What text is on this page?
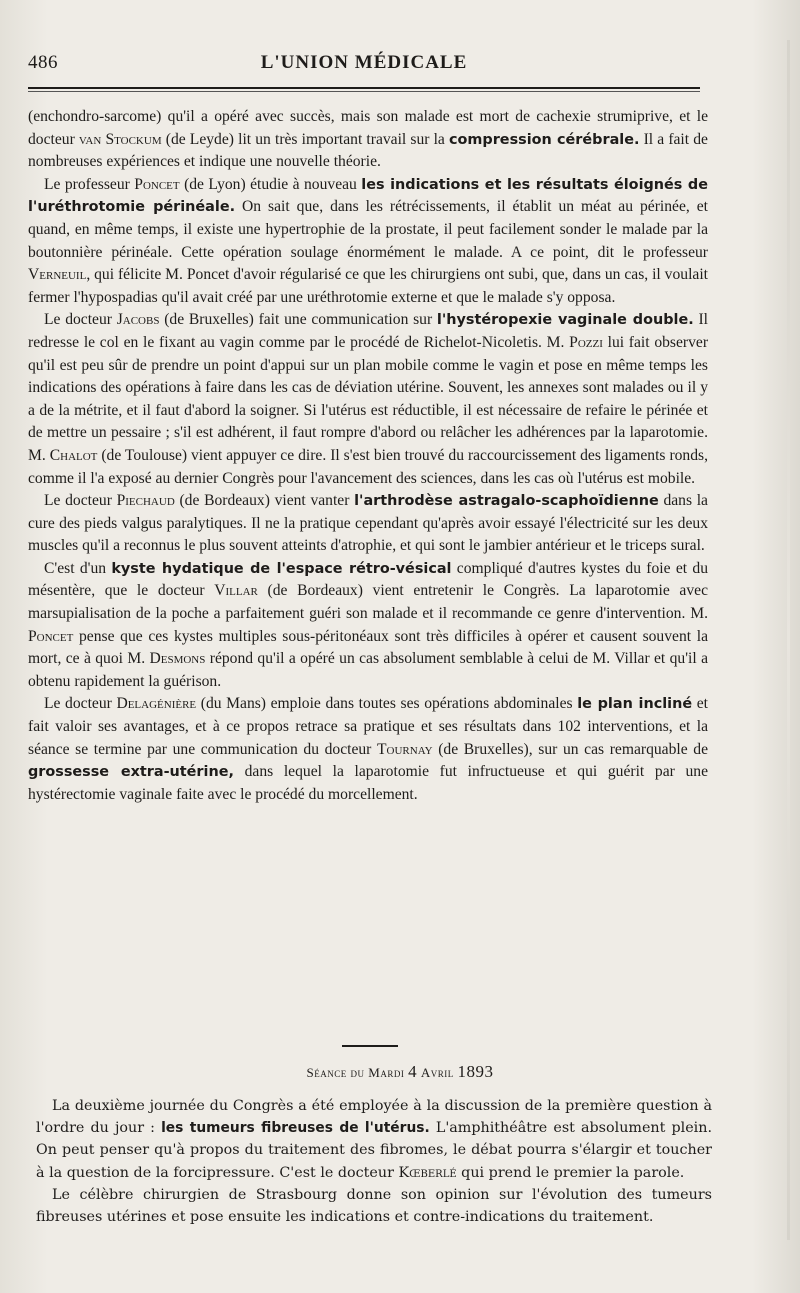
486	L'UNION MÉDICALE

(enchondro-sarcome) qu'il a opéré avec succès, mais son malade est mort de cachexie strumiprive, et le docteur van Stockum (de Leyde) lit un très important travail sur la compression cérébrale. Il a fait de nombreuses expériences et indique une nouvelle théorie.

Le professeur Poncet (de Lyon) étudie à nouveau les indications et les résultats éloignés de l'uréthrotomie périnéale. On sait que, dans les rétrécissements, il établit un méat au périnée, et quand, en même temps, il existe une hypertrophie de la prostate, il peut facilement sonder le malade par la boutonnière périnéale. Cette opération soulage énormément le malade. A ce point, dit le professeur Verneuil, qui félicite M. Poncet d'avoir régularisé ce que les chirurgiens ont subi, que, dans un cas, il voulait fermer l'hypospadias qu'il avait créé par une uréthrotomie externe et que le malade s'y opposa.

Le docteur Jacobs (de Bruxelles) fait une communication sur l'hystéropexie vaginale double. Il redresse le col en le fixant au vagin comme par le procédé de Richelot-Nicoletis. M. Pozzi lui fait observer qu'il est peu sûr de prendre un point d'appui sur un plan mobile comme le vagin et pose en même temps les indications des opérations à faire dans les cas de déviation utérine. Souvent, les annexes sont malades ou il y a de la métrite, et il faut d'abord la soigner. Si l'utérus est réductible, il est nécessaire de refaire le périnée et de mettre un pessaire ; s'il est adhérent, il faut rompre d'abord ou relâcher les adhérences par la laparotomie. M. Chalot (de Toulouse) vient appuyer ce dire. Il s'est bien trouvé du raccourcissement des ligaments ronds, comme il l'a exposé au dernier Congrès pour l'avancement des sciences, dans les cas où l'utérus est mobile.

Le docteur Piechaud (de Bordeaux) vient vanter l'arthrodèse astragalo-scaphoïdienne dans la cure des pieds valgus paralytiques. Il ne la pratique cependant qu'après avoir essayé l'électricité sur les deux muscles qu'il a reconnus le plus souvent atteints d'atrophie, et qui sont le jambier antérieur et le triceps sural.

C'est d'un kyste hydatique de l'espace rétro-vésical compliqué d'autres kystes du foie et du mésentère, que le docteur Villar (de Bordeaux) vient entretenir le Congrès. La laparotomie avec marsupialisation de la poche a parfaitement guéri son malade et il recommande ce genre d'intervention. M. Poncet pense que ces kystes multiples sous-péritonéaux sont très difficiles à opérer et causent souvent la mort, ce à quoi M. Desmons répond qu'il a opéré un cas absolument semblable à celui de M. Villar et qu'il a obtenu rapidement la guérison.

Le docteur Delagénière (du Mans) emploie dans toutes ses opérations abdominales le plan incliné et fait valoir ses avantages, et à ce propos retrace sa pratique et ses résultats dans 102 interventions, et la séance se termine par une communication du docteur Tournay (de Bruxelles), sur un cas remarquable de grossesse extra-utérine, dans lequel la laparotomie fut infructueuse et qui guérit par une hystérectomie vaginale faite avec le procédé du morcellement.

Séance du Mardi 4 Avril 1893

La deuxième journée du Congrès a été employée à la discussion de la première question à l'ordre du jour : les tumeurs fibreuses de l'utérus. L'amphithéâtre est absolument plein. On peut penser qu'à propos du traitement des fibromes, le débat pourra s'élargir et toucher à la question de la forcipressure. C'est le docteur Kœberlé qui prend le premier la parole.

Le célèbre chirurgien de Strasbourg donne son opinion sur l'évolution des tumeurs fibreuses utérines et pose ensuite les indications et contre-indications du traitement.
